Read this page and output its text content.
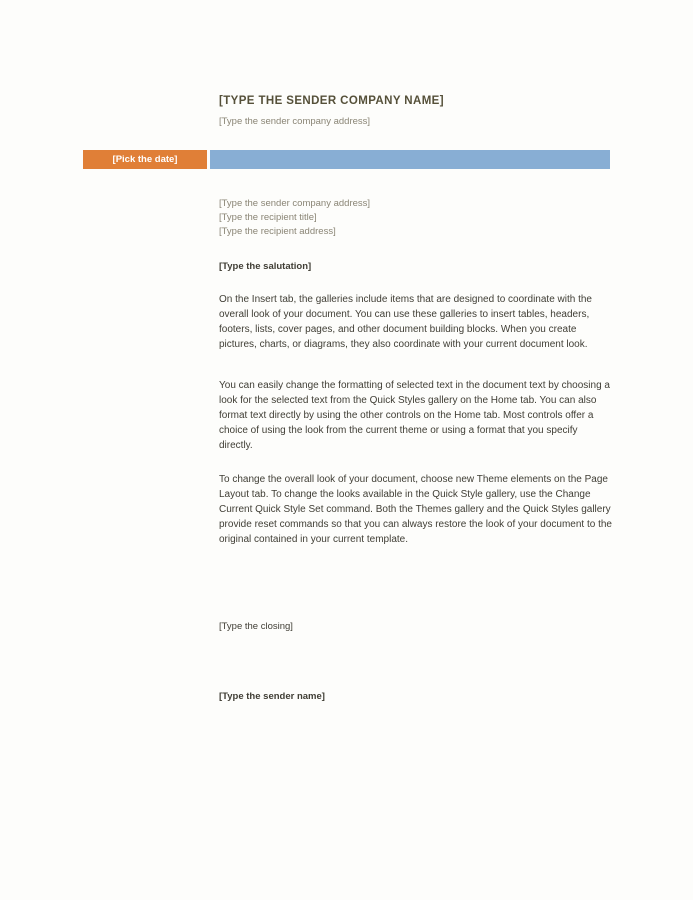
[TYPE THE SENDER COMPANY NAME]
[Type the sender company address]
[Pick the date]
[Type the sender company address]
[Type the recipient title]
[Type the recipient address]
[Type the salutation]

On the Insert tab, the galleries include items that are designed to coordinate with the overall look of your document. You can use these galleries to insert tables, headers, footers, lists, cover pages, and other document building blocks. When you create pictures, charts, or diagrams, they also coordinate with your current document look.

You can easily change the formatting of selected text in the document text by choosing a look for the selected text from the Quick Styles gallery on the Home tab. You can also format text directly by using the other controls on the Home tab. Most controls offer a choice of using the look from the current theme or using a format that you specify directly.

To change the overall look of your document, choose new Theme elements on the Page Layout tab. To change the looks available in the Quick Style gallery, use the Change Current Quick Style Set command. Both the Themes gallery and the Quick Styles gallery provide reset commands so that you can always restore the look of your document to the original contained in your current template.

[Type the closing]
[Type the sender name]
